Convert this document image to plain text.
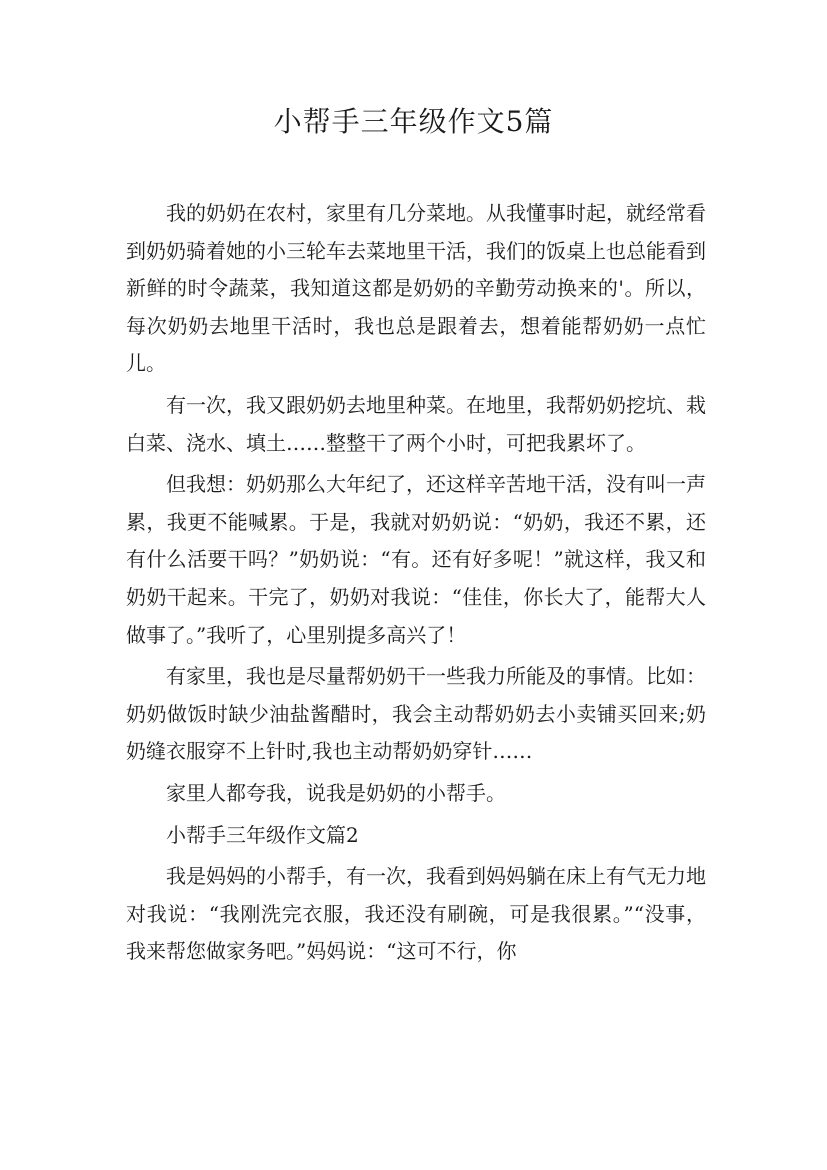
小帮手三年级作文5篇

我的奶奶在农村，家里有几分菜地。从我懂事时起，就经常看到奶奶骑着她的小三轮车去菜地里干活，我们的饭桌上也总能看到新鲜的时令蔬菜，我知道这都是奶奶的辛勤劳动换来的'。所以，每次奶奶去地里干活时，我也总是跟着去，想着能帮奶奶一点忙儿。

有一次，我又跟奶奶去地里种菜。在地里，我帮奶奶挖坑、栽白菜、浇水、填土……整整干了两个小时，可把我累坏了。

但我想：奶奶那么大年纪了，还这样辛苦地干活，没有叫一声累，我更不能喊累。于是，我就对奶奶说：“奶奶，我还不累，还有什么活要干吗？”奶奶说：“有。还有好多呢！”就这样，我又和奶奶干起来。干完了，奶奶对我说：“佳佳，你长大了，能帮大人做事了。”我听了，心里别提多高兴了！

有家里，我也是尽量帮奶奶干一些我力所能及的事情。比如：奶奶做饭时缺少油盐酱醋时，我会主动帮奶奶去小卖铺买回来;奶奶缝衣服穿不上针时,我也主动帮奶奶穿针……

家里人都夸我，说我是奶奶的小帮手。

小帮手三年级作文篇2

我是妈妈的小帮手，有一次，我看到妈妈躺在床上有气无力地对我说：“我刚洗完衣服，我还没有刷碗，可是我很累。”“没事，我来帮您做家务吧。”妈妈说：“这可不行，你
